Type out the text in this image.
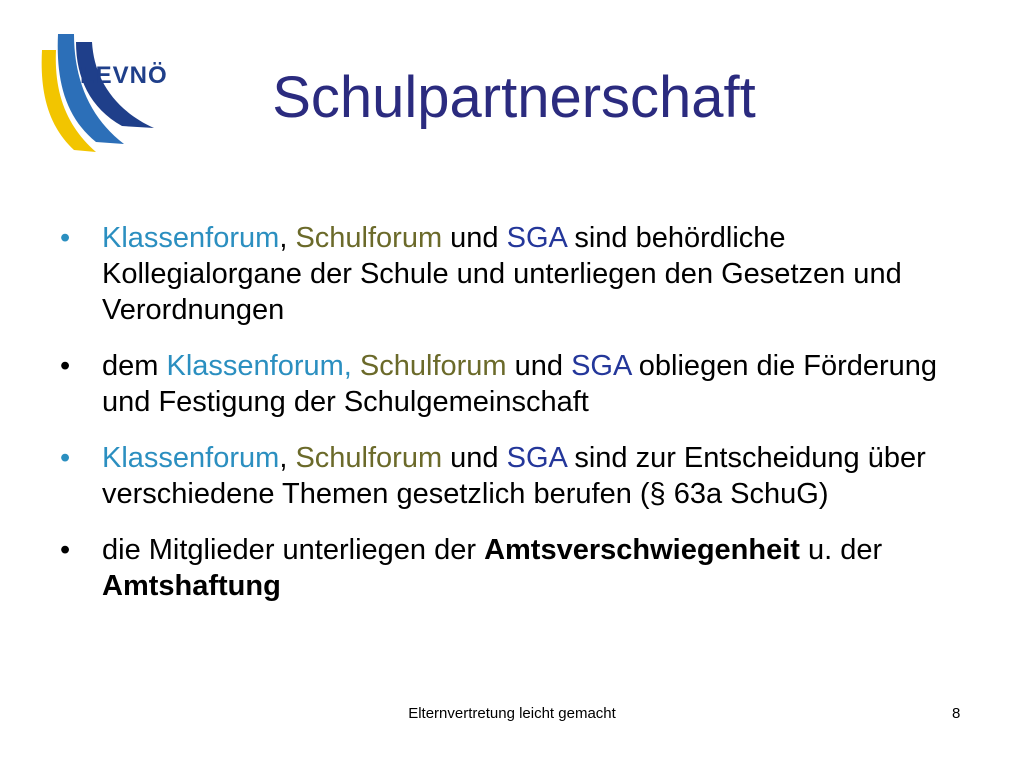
LEVNÖ	Schulpartnerschaft
•	Klassenforum, Schulforum und SGA sind behördliche Kollegialorgane der Schule und unterliegen den Gesetzen und Verordnungen
•	dem Klassenforum, Schulforum und SGA obliegen die Förderung und Festigung der Schulgemeinschaft
•	Klassenforum, Schulforum und SGA sind zur Entscheidung über verschiedene Themen gesetzlich berufen (§ 63a SchuG)
•	die Mitglieder unterliegen der Amtsverschwiegenheit u. der Amtshaftung
Elternvertretung leicht gemacht	8
